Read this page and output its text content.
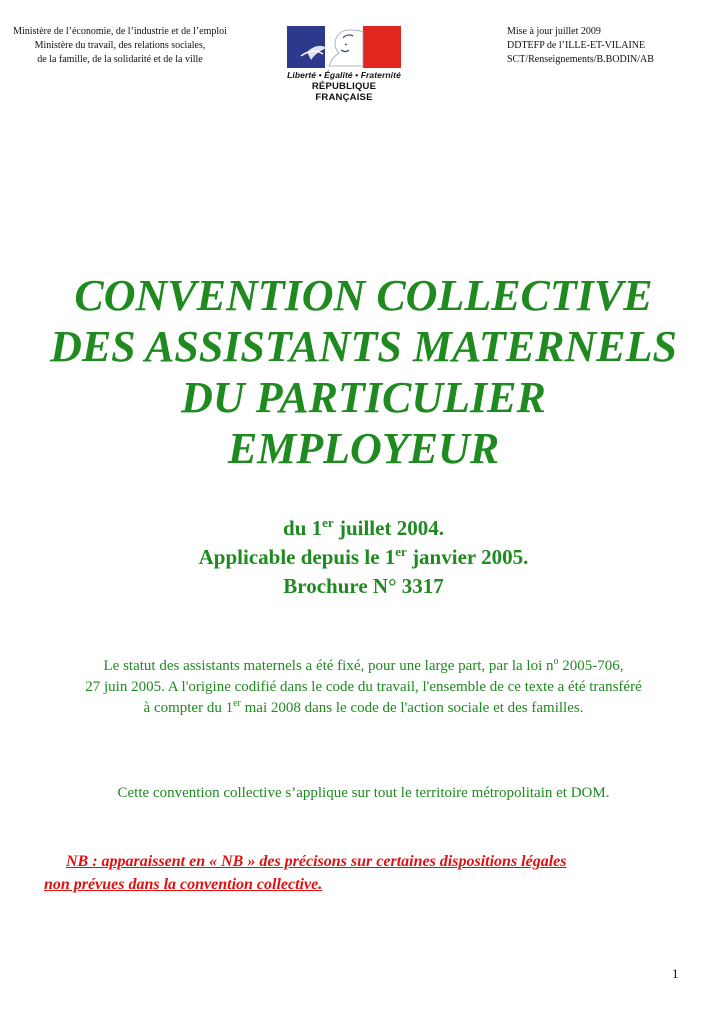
Ministère de l’économie, de l’industrie et de l’emploi
Ministère du travail, des relations sociales,
de la famille, de la solidarité et de la ville
Liberté • Égalité • Fraternité
RÉPUBLIQUE FRANÇAISE
Mise à jour juillet 2009
DDTEFP de l’ILLE-ET-VILAINE
SCT/Renseignements/B.BODIN/AB
CONVENTION COLLECTIVE
DES ASSISTANTS MATERNELS
DU PARTICULIER
EMPLOYEUR
du 1er juillet 2004.
Applicable depuis le 1er janvier 2005.
Brochure N° 3317
Le statut des assistants maternels a été fixé, pour une large part, par la loi $n^o$ 2005-706,
27 juin 2005. A l'origine codifié dans le code du travail, l'ensemble de ce texte a été transféré
à compter du 1er mai 2008 dans le code de l'action sociale et des familles.
Cette convention collective s’applique sur tout le territoire métropolitain et DOM.
NB : apparaissent en « NB » des précisons sur certaines dispositions légales
non prévues dans la convention collective.
1
